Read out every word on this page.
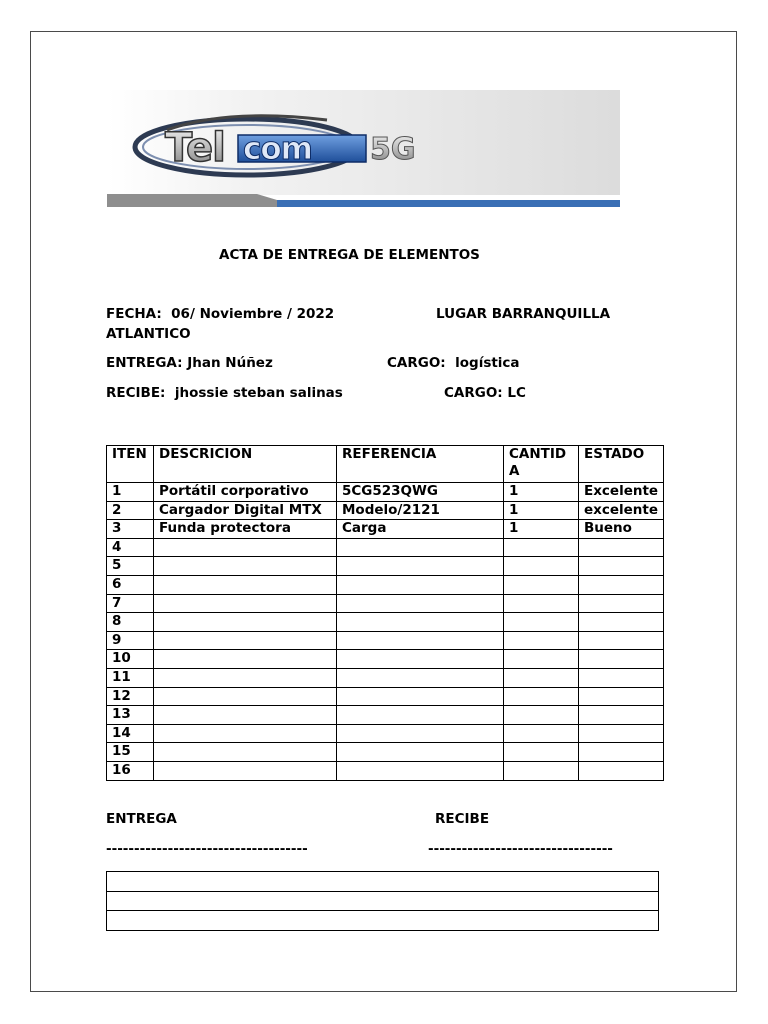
Tel com 5G
ACTA DE ENTREGA DE ELEMENTOS
FECHA: 06/ Noviembre / 2022	LUGAR BARRANQUILLA
ATLANTICO
ENTREGA: Jhan Núñez	CARGO: logística
RECIBE: jhossie steban salinas	CARGO: LC
ITEN	DESCRICION	REFERENCIA	CANTID A	ESTADO
1	Portátil corporativo	5CG523QWG	1	Excelente
2	Cargador Digital MTX	Modelo/2121	1	excelente
3	Funda protectora	Carga	1	Bueno
4				
5				
6				
7				
8				
9				
10				
11				
12				
13				
14				
15				
16				
ENTREGA	RECIBE
------------------------------------	---------------------------------
